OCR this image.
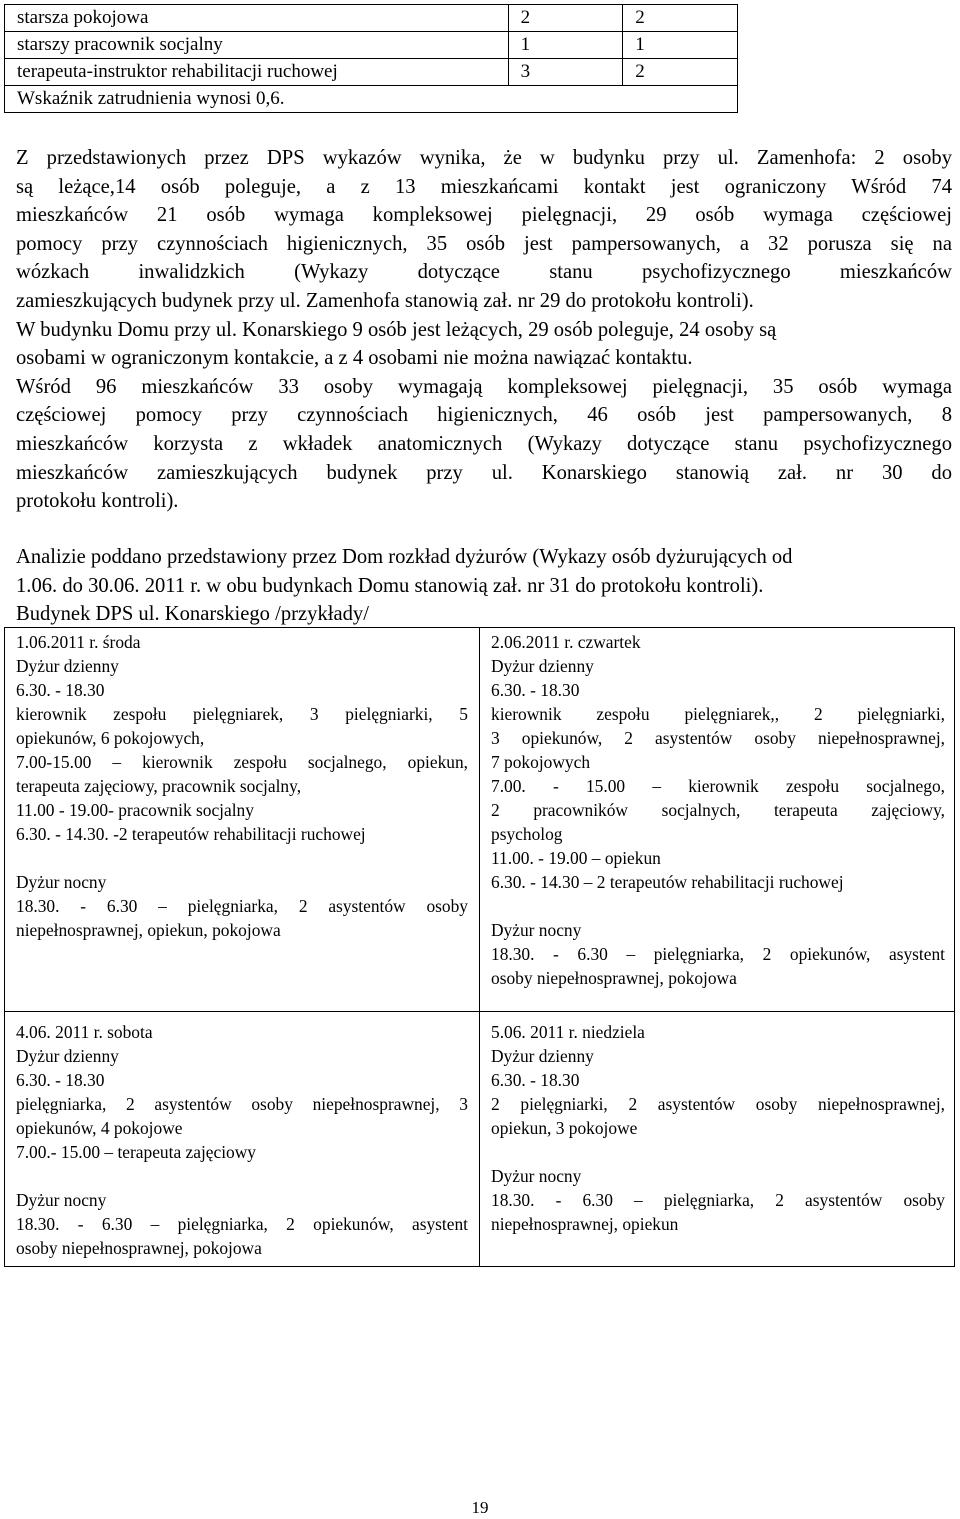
starsza pokojowa	2	2
starszy pracownik socjalny	1	1
terapeuta-instruktor rehabilitacji ruchowej	3	2
Wskaźnik zatrudnienia wynosi 0,6.		
Z przedstawionych przez DPS wykazów wynika, że w budynku przy ul. Zamenhofa: 2 osoby
są leżące,14 osób poleguje, a z 13 mieszkańcami kontakt jest ograniczony Wśród 74
mieszkańców 21 osób wymaga kompleksowej pielęgnacji, 29 osób wymaga częściowej
pomocy przy czynnościach higienicznych, 35 osób jest pampersowanych, a 32 porusza się na
wózkach inwalidzkich (Wykazy dotyczące stanu psychofizycznego mieszkańców
zamieszkujących budynek przy ul. Zamenhofa stanowią zał. nr 29 do protokołu kontroli).
W budynku Domu przy ul. Konarskiego 9 osób jest leżących, 29 osób poleguje, 24 osoby są
osobami w ograniczonym kontakcie, a z 4 osobami nie można nawiązać kontaktu.
Wśród 96 mieszkańców 33 osoby wymagają kompleksowej pielęgnacji, 35 osób wymaga
częściowej pomocy przy czynnościach higienicznych, 46 osób jest pampersowanych, 8
mieszkańców korzysta z wkładek anatomicznych (Wykazy dotyczące stanu psychofizycznego
mieszkańców zamieszkujących budynek przy ul. Konarskiego stanowią zał. nr 30 do
protokołu kontroli).
Analizie poddano przedstawiony przez Dom rozkład dyżurów (Wykazy osób dyżurujących od
1.06. do 30.06. 2011 r. w obu budynkach Domu stanowią zał. nr 31 do protokołu kontroli).
Budynek DPS ul. Konarskiego /przykłady/
1.06.2011 r. środa
Dyżur dzienny
6.30. - 18.30
kierownik zespołu pielęgniarek, 3 pielęgniarki, 5
opiekunów, 6 pokojowych,
7.00-15.00 – kierownik zespołu socjalnego, opiekun,
terapeuta zajęciowy, pracownik socjalny,
11.00 - 19.00- pracownik socjalny
6.30. - 14.30. -2 terapeutów rehabilitacji ruchowej
Dyżur nocny
18.30. - 6.30 – pielęgniarka, 2 asystentów osoby
niepełnosprawnej, opiekun, pokojowa
2.06.2011 r. czwartek
Dyżur dzienny
6.30. - 18.30
kierownik zespołu pielęgniarek,, 2 pielęgniarki,
3 opiekunów, 2 asystentów osoby niepełnosprawnej,
7 pokojowych
7.00. - 15.00 – kierownik zespołu socjalnego,
2 pracowników socjalnych, terapeuta zajęciowy,
psycholog
11.00. - 19.00 – opiekun
6.30. - 14.30 – 2 terapeutów rehabilitacji ruchowej
Dyżur nocny
18.30. - 6.30 – pielęgniarka, 2 opiekunów, asystent
osoby niepełnosprawnej, pokojowa
4.06. 2011 r. sobota
Dyżur dzienny
6.30. - 18.30
pielęgniarka, 2 asystentów osoby niepełnosprawnej, 3
opiekunów, 4 pokojowe
7.00.- 15.00 – terapeuta zajęciowy
Dyżur nocny
18.30. - 6.30 – pielęgniarka, 2 opiekunów, asystent
osoby niepełnosprawnej, pokojowa
5.06. 2011 r. niedziela
Dyżur dzienny
6.30. - 18.30
2 pielęgniarki, 2 asystentów osoby niepełnosprawnej,
opiekun, 3 pokojowe
Dyżur nocny
18.30. - 6.30 – pielęgniarka, 2 asystentów osoby
niepełnosprawnej, opiekun
19
